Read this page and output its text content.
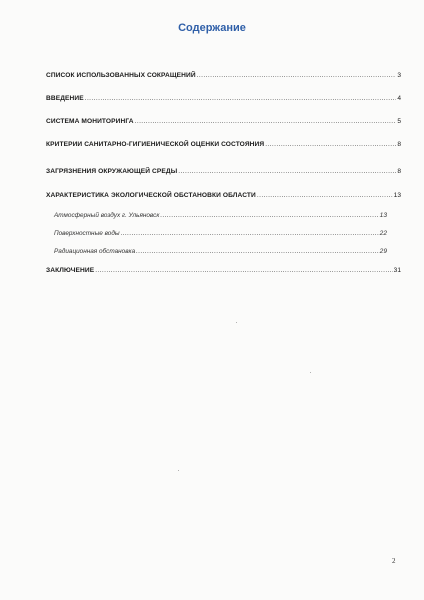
Содержание
СПИСОК ИСПОЛЬЗОВАННЫХ СОКРАЩЕНИЙ .....	3
ВВЕДЕНИЕ .....	4
СИСТЕМА МОНИТОРИНГА .....	5
КРИТЕРИИ САНИТАРНО-ГИГИЕНИЧЕСКОЙ ОЦЕНКИ СОСТОЯНИЯ .....	8
ЗАГРЯЗНЕНИЯ ОКРУЖАЮЩЕЙ СРЕДЫ .....	8
ХАРАКТЕРИСТИКА ЭКОЛОГИЧЕСКОЙ ОБСТАНОВКИ ОБЛАСТИ .....	13
Атмосферный воздух г. Ульяновск .....	13
Поверхностные воды .....	22
Радиационная обстановка .....	29
ЗАКЛЮЧЕНИЕ .....	31
2
